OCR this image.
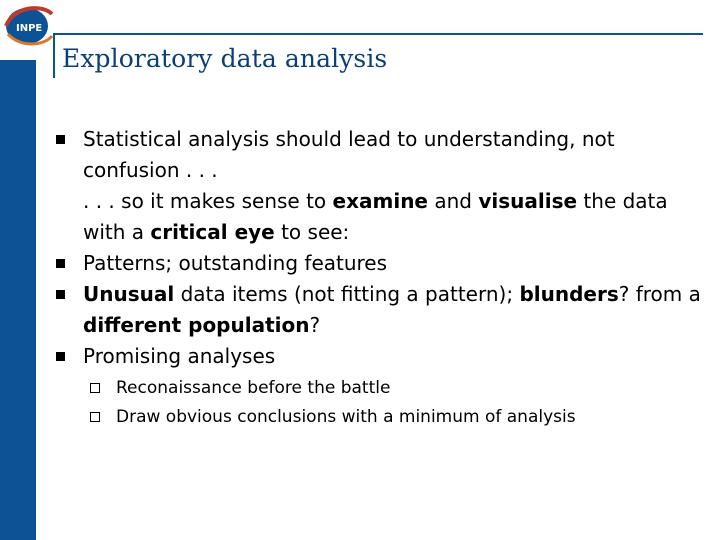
INPE
Exploratory data analysis
Statistical analysis should lead to understanding, not confusion . . .
. . . so it makes sense to examine and visualise the data with a critical eye to see:
Patterns; outstanding features
Unusual data items (not fitting a pattern); blunders? from a different population?
Promising analyses
Reconaissance before the battle
Draw obvious conclusions with a minimum of analysis
